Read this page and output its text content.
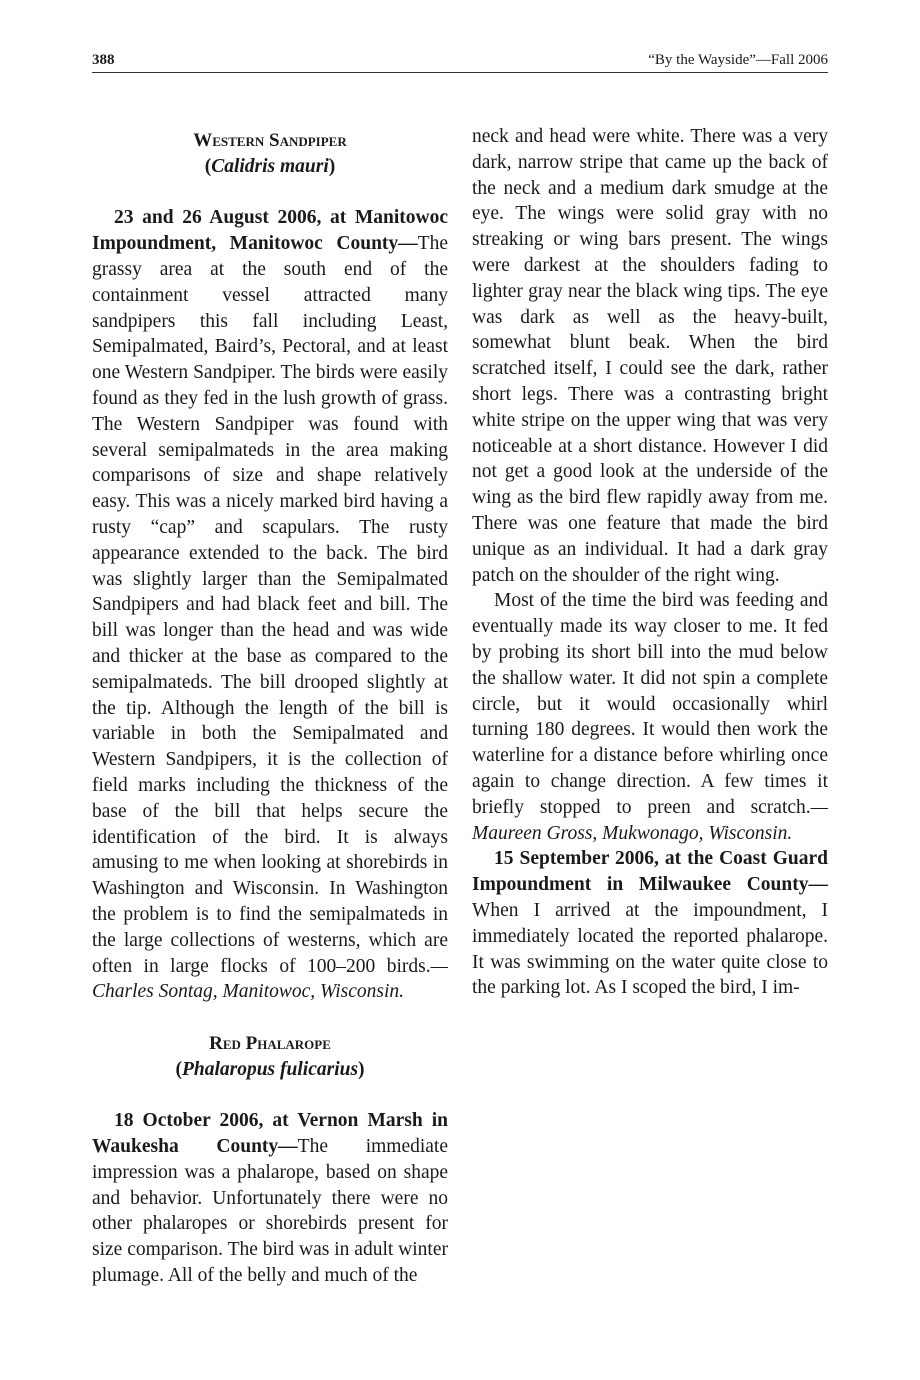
388	“By the Wayside”—Fall 2006
Western Sandpiper
(Calidris mauri)

23 and 26 August 2006, at Manitowoc Impoundment, Manitowoc County—The grassy area at the south end of the containment vessel attracted many sandpipers this fall including Least, Semipalmated, Baird’s, Pectoral, and at least one Western Sandpiper. The birds were easily found as they fed in the lush growth of grass. The Western Sandpiper was found with several semipalmateds in the area making comparisons of size and shape relatively easy. This was a nicely marked bird having a rusty “cap” and scapulars. The rusty appearance extended to the back. The bird was slightly larger than the Semipalmated Sandpipers and had black feet and bill. The bill was longer than the head and was wide and thicker at the base as compared to the semipalmateds. The bill drooped slightly at the tip. Although the length of the bill is variable in both the Semipalmated and Western Sandpipers, it is the collection of field marks including the thickness of the base of the bill that helps secure the identification of the bird. It is always amusing to me when looking at shorebirds in Washington and Wisconsin. In Washington the problem is to find the semipalmateds in the large collections of westerns, which are often in large flocks of 100–200 birds.—Charles Sontag, Manitowoc, Wisconsin.

Red Phalarope
(Phalaropus fulicarius)

18 October 2006, at Vernon Marsh in Waukesha County—The immediate impression was a phalarope, based on shape and behavior. Unfortunately there were no other phalaropes or shorebirds present for size comparison. The bird was in adult winter plumage. All of the belly and much of the

neck and head were white. There was a very dark, narrow stripe that came up the back of the neck and a medium dark smudge at the eye. The wings were solid gray with no streaking or wing bars present. The wings were darkest at the shoulders fading to lighter gray near the black wing tips. The eye was dark as well as the heavy-built, somewhat blunt beak. When the bird scratched itself, I could see the dark, rather short legs. There was a contrasting bright white stripe on the upper wing that was very noticeable at a short distance. However I did not get a good look at the underside of the wing as the bird flew rapidly away from me. There was one feature that made the bird unique as an individual. It had a dark gray patch on the shoulder of the right wing.

Most of the time the bird was feeding and eventually made its way closer to me. It fed by probing its short bill into the mud below the shallow water. It did not spin a complete circle, but it would occasionally whirl turning 180 degrees. It would then work the waterline for a distance before whirling once again to change direction. A few times it briefly stopped to preen and scratch.—Maureen Gross, Mukwonago, Wisconsin.

15 September 2006, at the Coast Guard Impoundment in Milwaukee County—When I arrived at the impoundment, I immediately located the reported phalarope. It was swimming on the water quite close to the parking lot. As I scoped the bird, I im-
